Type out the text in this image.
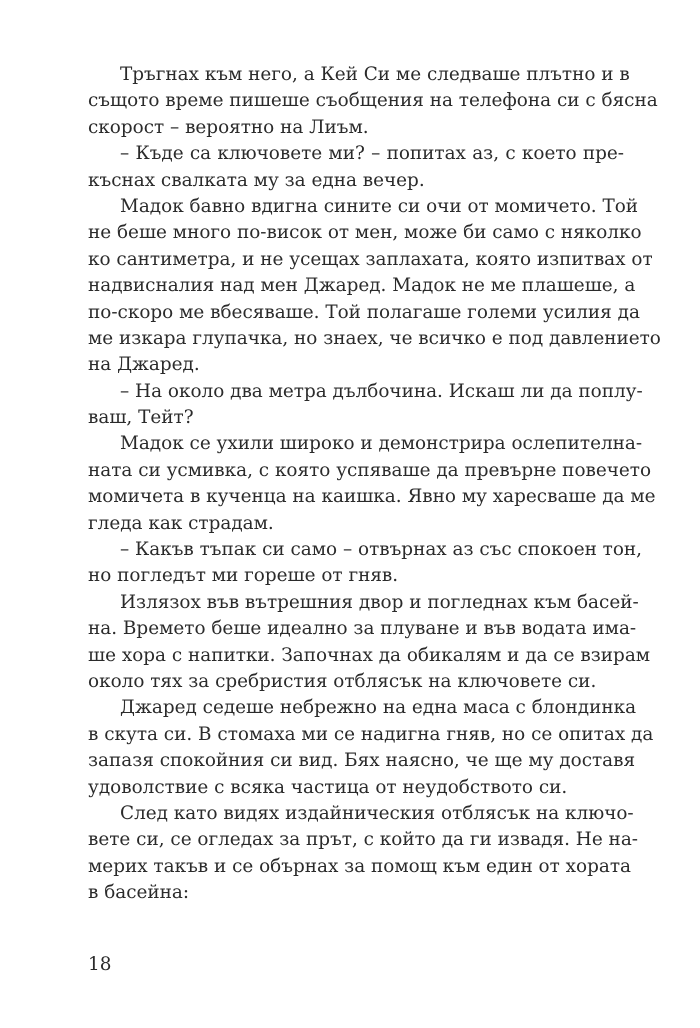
Тръгнах към него, а Кей Си ме следваше плътно и в
същото време пишеше съобщения на телефона си с бясна
скорост – вероятно на Лиъм.
– Къде са ключовете ми? – попитах аз, с което пре-
къснах свалката му за една вечер.
Мадок бавно вдигна сините си очи от момичето. Той
не беше много по-висок от мен, може би само с няколко
ко сантиметра, и не усещах заплахата, която изпитвах от
надвисналия над мен Джаред. Мадок не ме плашеше, а
по-скоро ме вбесяваше. Той полагаше големи усилия да
ме изкара глупачка, но знаех, че всичко е под давлението
на Джаред.
– На около два метра дълбочина. Искаш ли да поплу-
ваш, Тейт?
Мадок се ухили широко и демонстрира ослепителна-
ната си усмивка, с която успяваше да превърне повечето
момичета в кученца на каишка. Явно му харесваше да ме
гледа как страдам.
– Какъв тъпак си само – отвърнах аз със спокоен тон,
но погледът ми гореше от гняв.
Излязох във вътрешния двор и погледнах към басей-
на. Времето беше идеално за плуване и във водата има-
ше хора с напитки. Започнах да обикалям и да се взирам
около тях за сребристия отблясък на ключовете си.
Джаред седеше небрежно на една маса с блондинка
в скута си. В стомаха ми се надигна гняв, но се опитах да
запазя спокойния си вид. Бях наясно, че ще му доставя
удоволствие с всяка частица от неудобството си.
След като видях издайническия отблясък на ключо-
вете си, се огледах за прът, с който да ги извадя. Не на-
мерих такъв и се обърнах за помощ към един от хората
в басейна:
18
